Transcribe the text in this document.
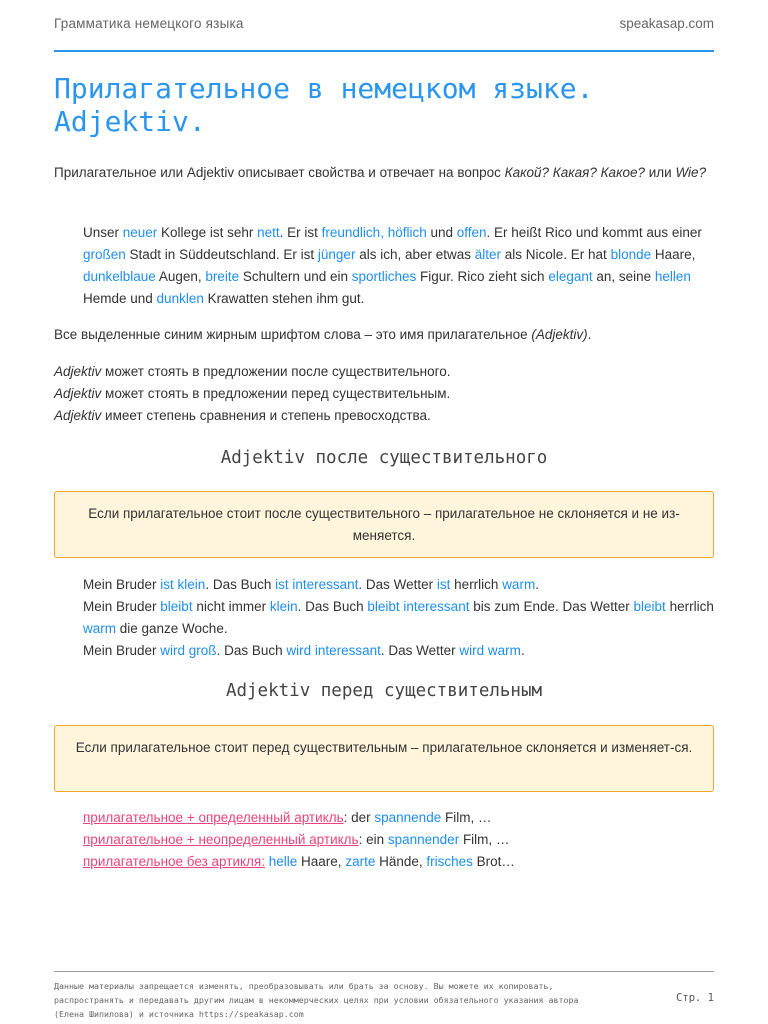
Грамматика немецкого языка	speakasap.com
Прилагательное в немецком языке. Adjektiv.
Прилагательное или Adjektiv описывает свойства и отвечает на вопрос Какой? Какая? Какое? или Wie?
Unser neuer Kollege ist sehr nett. Er ist freundlich, höflich und offen. Er heißt Rico und kommt aus einer großen Stadt in Süddeutschland. Er ist jünger als ich, aber etwas älter als Nicole. Er hat blonde Haare, dunkelblaue Augen, breite Schultern und ein sportliches Figur. Rico zieht sich elegant an, seine hellen Hemde und dunklen Krawatten stehen ihm gut.
Все выделенные синим жирным шрифтом слова – это имя прилагательное (Adjektiv).
Adjektiv может стоять в предложении после существительного.
Adjektiv может стоять в предложении перед существительным.
Adjektiv имеет степень сравнения и степень превосходства.
Adjektiv после существительного
Если прилагательное стоит после существительного – прилагательное не склоняется и не из-меняется.
Mein Bruder ist klein. Das Buch ist interessant. Das Wetter ist herrlich warm.
Mein Bruder bleibt nicht immer klein. Das Buch bleibt interessant bis zum Ende. Das Wetter bleibt herrlich warm die ganze Woche.
Mein Bruder wird groß. Das Buch wird interessant. Das Wetter wird warm.
Adjektiv перед существительным
Если прилагательное стоит перед существительным – прилагательное склоняется и изменяет-ся.
прилагательное + определенный артикль: der spannende Film, …
прилагательное + неопределенный артикль: ein spannender Film, …
прилагательное без артикля: helle Haare, zarte Hände, frisches Brot…
Данные материалы запрещается изменять, преобразовывать или брать за основу. Вы можете их копировать, распространять и передавать другим лицам в некоммерческих целях при условии обязательного указания автора (Елена Шипилова) и источника https://speakasap.com
Стр. 1
